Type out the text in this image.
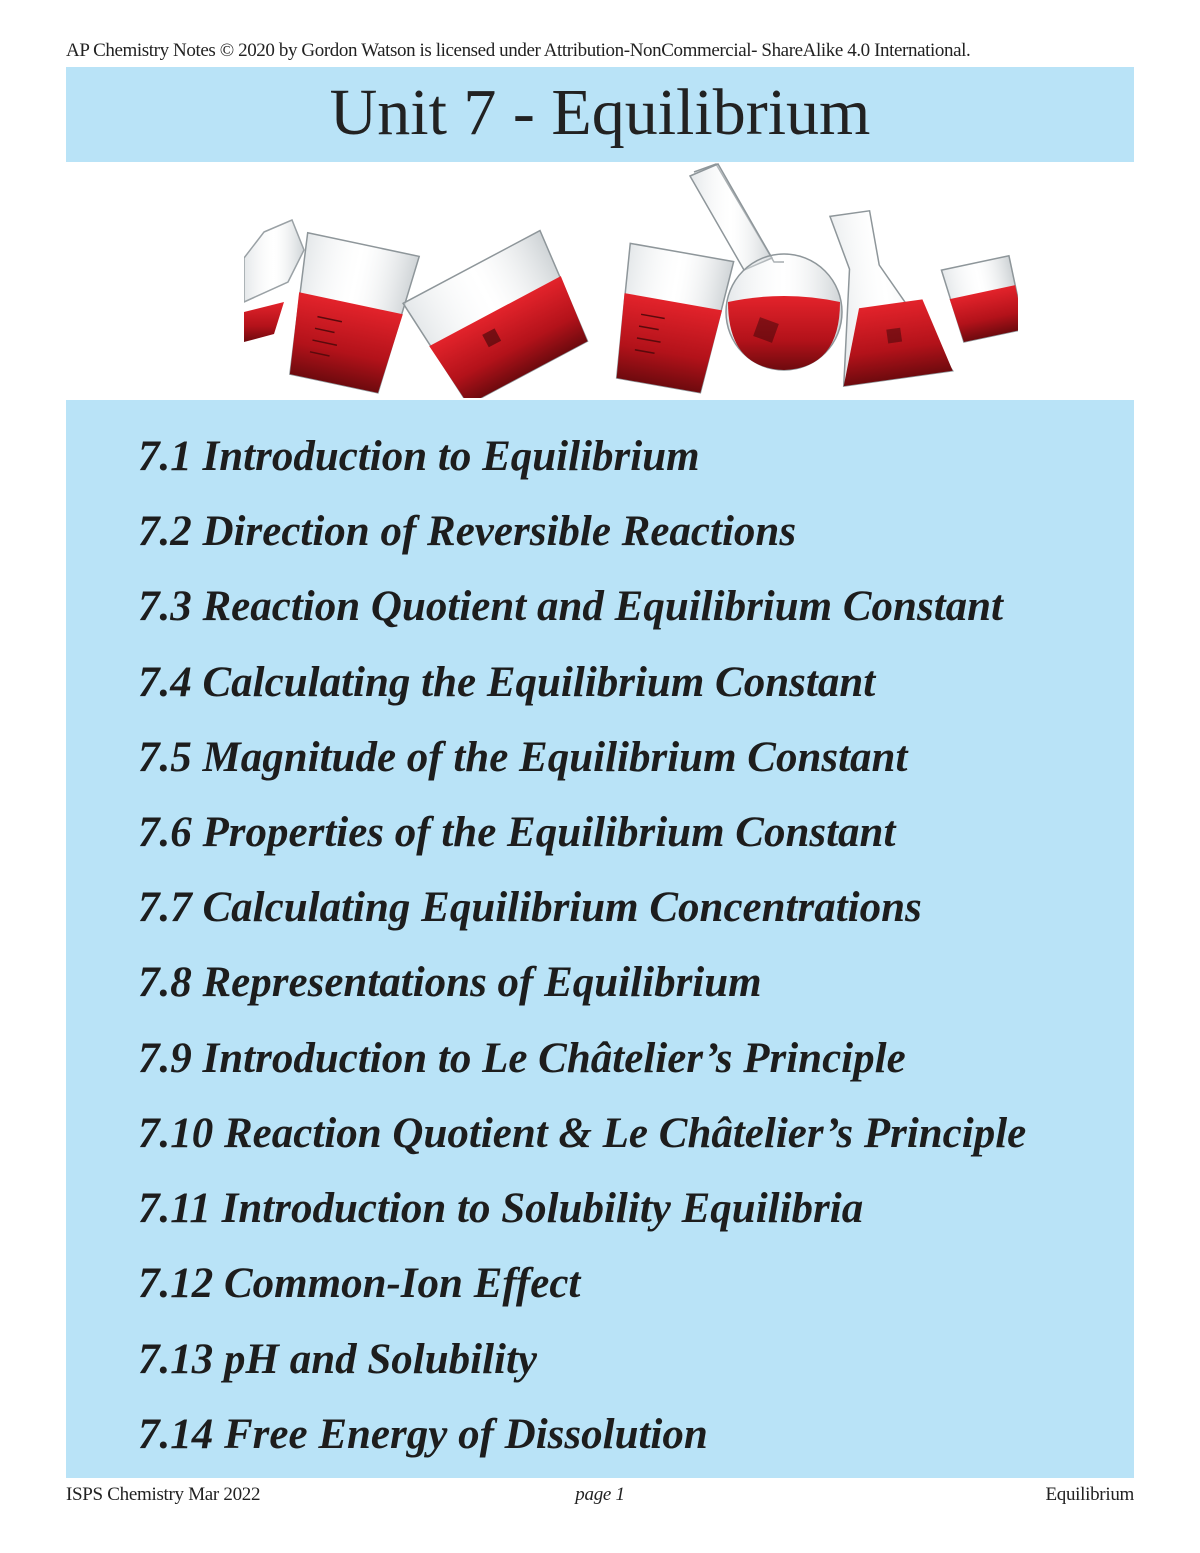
AP Chemistry Notes © 2020 by Gordon Watson is licensed under Attribution-NonCommercial- ShareAlike 4.0 International.
Unit 7 - Equilibrium
7.1 Introduction to Equilibrium
7.2 Direction of Reversible Reactions
7.3 Reaction Quotient and Equilibrium Constant
7.4 Calculating the Equilibrium Constant
7.5 Magnitude of the Equilibrium Constant
7.6 Properties of the Equilibrium Constant
7.7 Calculating Equilibrium Concentrations
7.8 Representations of Equilibrium
7.9 Introduction to Le Châtelier’s Principle
7.10 Reaction Quotient & Le Châtelier’s Principle
7.11 Introduction to Solubility Equilibria
7.12 Common-Ion Effect
7.13 pH and Solubility
7.14 Free Energy of Dissolution
ISPS Chemistry Mar 2022	page 1	Equilibrium
